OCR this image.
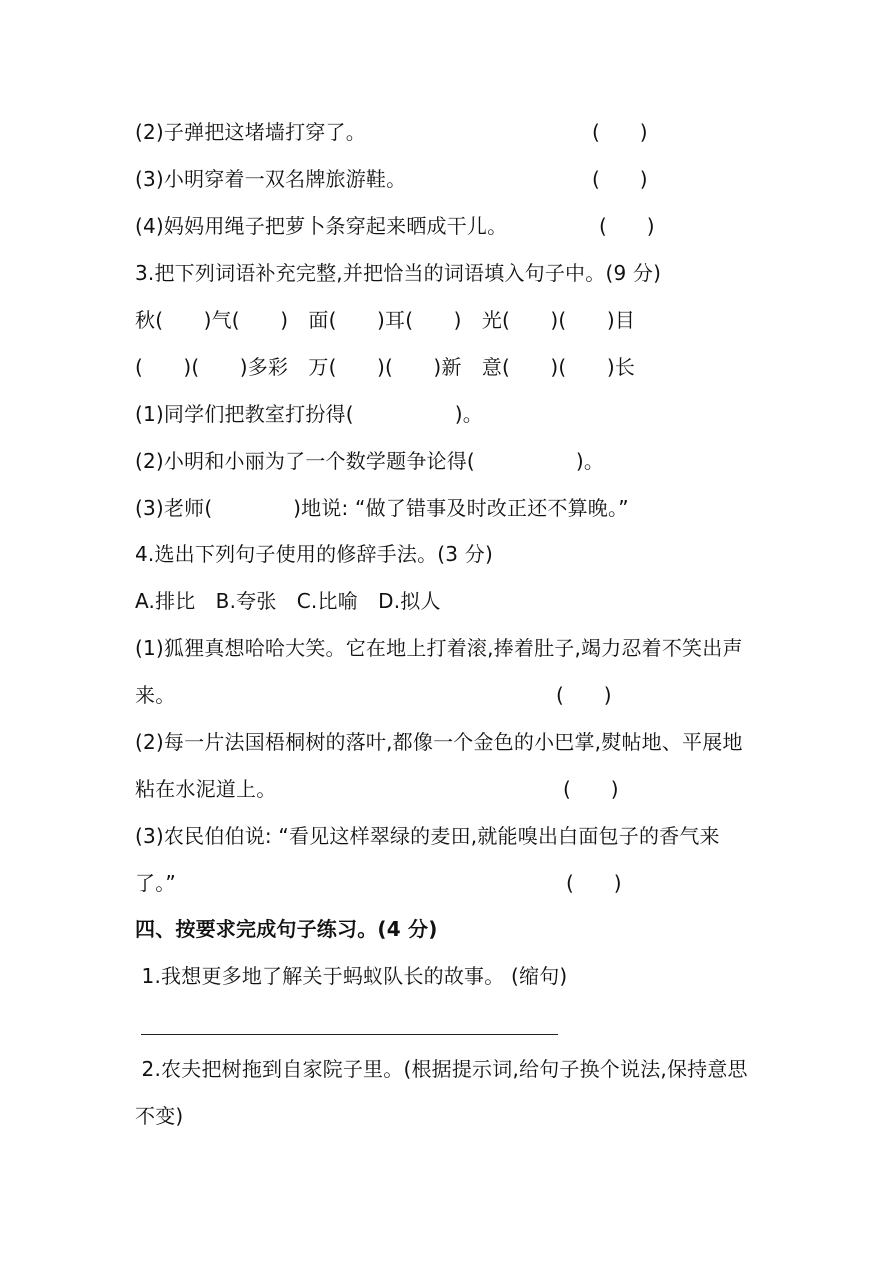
(2)子弹把这堵墙打穿了。	(　　)
(3)小明穿着一双名牌旅游鞋。	(　　)
(4)妈妈用绳子把萝卜条穿起来晒成干儿。	(　　)
3.把下列词语补充完整,并把恰当的词语填入句子中。(9 分)
秋(　　)气(　　)　面(　　)耳(　　)　光(　　)(　　)目
(　　)(　　)多彩　万(　　)(　　)新　意(　　)(　　)长
(1)同学们把教室打扮得(　　　　　)。
(2)小明和小丽为了一个数学题争论得(　　　　　)。
(3)老师(　　　　)地说: “做了错事及时改正还不算晚。”
4.选出下列句子使用的修辞手法。(3 分)
A.排比　B.夸张　C.比喻　D.拟人
(1)狐狸真想哈哈大笑。它在地上打着滚,捧着肚子,竭力忍着不笑出声
来。	(　　)
(2)每一片法国梧桐树的落叶,都像一个金色的小巴掌,熨帖地、平展地
粘在水泥道上。	(　　)
(3)农民伯伯说: “看见这样翠绿的麦田,就能嗅出白面包子的香气来
了。”	(　　)
四、按要求完成句子练习。(4 分)
1.我想更多地了解关于蚂蚁队长的故事。 (缩句)
2.农夫把树拖到自家院子里。(根据提示词,给句子换个说法,保持意思
不变)
